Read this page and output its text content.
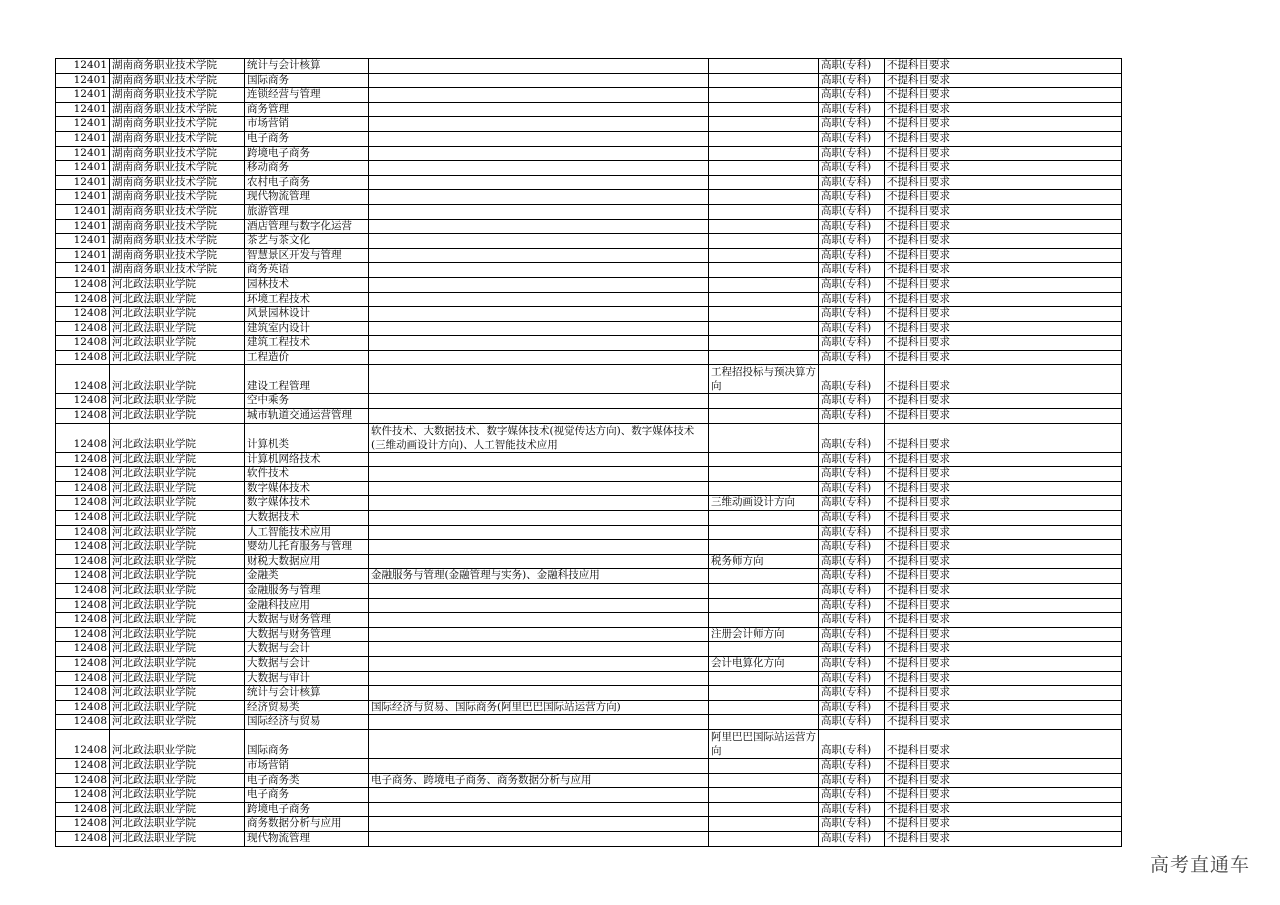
12401	湖南商务职业技术学院	统计与会计核算			高职(专科)	不提科目要求
12401	湖南商务职业技术学院	国际商务			高职(专科)	不提科目要求
12401	湖南商务职业技术学院	连锁经营与管理			高职(专科)	不提科目要求
12401	湖南商务职业技术学院	商务管理			高职(专科)	不提科目要求
12401	湖南商务职业技术学院	市场营销			高职(专科)	不提科目要求
12401	湖南商务职业技术学院	电子商务			高职(专科)	不提科目要求
12401	湖南商务职业技术学院	跨境电子商务			高职(专科)	不提科目要求
12401	湖南商务职业技术学院	移动商务			高职(专科)	不提科目要求
12401	湖南商务职业技术学院	农村电子商务			高职(专科)	不提科目要求
12401	湖南商务职业技术学院	现代物流管理			高职(专科)	不提科目要求
12401	湖南商务职业技术学院	旅游管理			高职(专科)	不提科目要求
12401	湖南商务职业技术学院	酒店管理与数字化运营			高职(专科)	不提科目要求
12401	湖南商务职业技术学院	茶艺与茶文化			高职(专科)	不提科目要求
12401	湖南商务职业技术学院	智慧景区开发与管理			高职(专科)	不提科目要求
12401	湖南商务职业技术学院	商务英语			高职(专科)	不提科目要求
12408	河北政法职业学院	园林技术			高职(专科)	不提科目要求
12408	河北政法职业学院	环境工程技术			高职(专科)	不提科目要求
12408	河北政法职业学院	风景园林设计			高职(专科)	不提科目要求
12408	河北政法职业学院	建筑室内设计			高职(专科)	不提科目要求
12408	河北政法职业学院	建筑工程技术			高职(专科)	不提科目要求
12408	河北政法职业学院	工程造价			高职(专科)	不提科目要求
12408	河北政法职业学院	建设工程管理		工程招投标与预决算方向	高职(专科)	不提科目要求
12408	河北政法职业学院	空中乘务			高职(专科)	不提科目要求
12408	河北政法职业学院	城市轨道交通运营管理			高职(专科)	不提科目要求
12408	河北政法职业学院	计算机类	软件技术、大数据技术、数字媒体技术(视觉传达方向)、数字媒体技术(三维动画设计方向)、人工智能技术应用		高职(专科)	不提科目要求
12408	河北政法职业学院	计算机网络技术			高职(专科)	不提科目要求
12408	河北政法职业学院	软件技术			高职(专科)	不提科目要求
12408	河北政法职业学院	数字媒体技术			高职(专科)	不提科目要求
12408	河北政法职业学院	数字媒体技术		三维动画设计方向	高职(专科)	不提科目要求
12408	河北政法职业学院	大数据技术			高职(专科)	不提科目要求
12408	河北政法职业学院	人工智能技术应用			高职(专科)	不提科目要求
12408	河北政法职业学院	婴幼儿托育服务与管理			高职(专科)	不提科目要求
12408	河北政法职业学院	财税大数据应用		税务师方向	高职(专科)	不提科目要求
12408	河北政法职业学院	金融类	金融服务与管理(金融管理与实务)、金融科技应用		高职(专科)	不提科目要求
12408	河北政法职业学院	金融服务与管理			高职(专科)	不提科目要求
12408	河北政法职业学院	金融科技应用			高职(专科)	不提科目要求
12408	河北政法职业学院	大数据与财务管理			高职(专科)	不提科目要求
12408	河北政法职业学院	大数据与财务管理		注册会计师方向	高职(专科)	不提科目要求
12408	河北政法职业学院	大数据与会计			高职(专科)	不提科目要求
12408	河北政法职业学院	大数据与会计		会计电算化方向	高职(专科)	不提科目要求
12408	河北政法职业学院	大数据与审计			高职(专科)	不提科目要求
12408	河北政法职业学院	统计与会计核算			高职(专科)	不提科目要求
12408	河北政法职业学院	经济贸易类	国际经济与贸易、国际商务(阿里巴巴国际站运营方向)		高职(专科)	不提科目要求
12408	河北政法职业学院	国际经济与贸易			高职(专科)	不提科目要求
12408	河北政法职业学院	国际商务		阿里巴巴国际站运营方向	高职(专科)	不提科目要求
12408	河北政法职业学院	市场营销			高职(专科)	不提科目要求
12408	河北政法职业学院	电子商务类	电子商务、跨境电子商务、商务数据分析与应用		高职(专科)	不提科目要求
12408	河北政法职业学院	电子商务			高职(专科)	不提科目要求
12408	河北政法职业学院	跨境电子商务			高职(专科)	不提科目要求
12408	河北政法职业学院	商务数据分析与应用			高职(专科)	不提科目要求
12408	河北政法职业学院	现代物流管理			高职(专科)	不提科目要求
高考直通车
